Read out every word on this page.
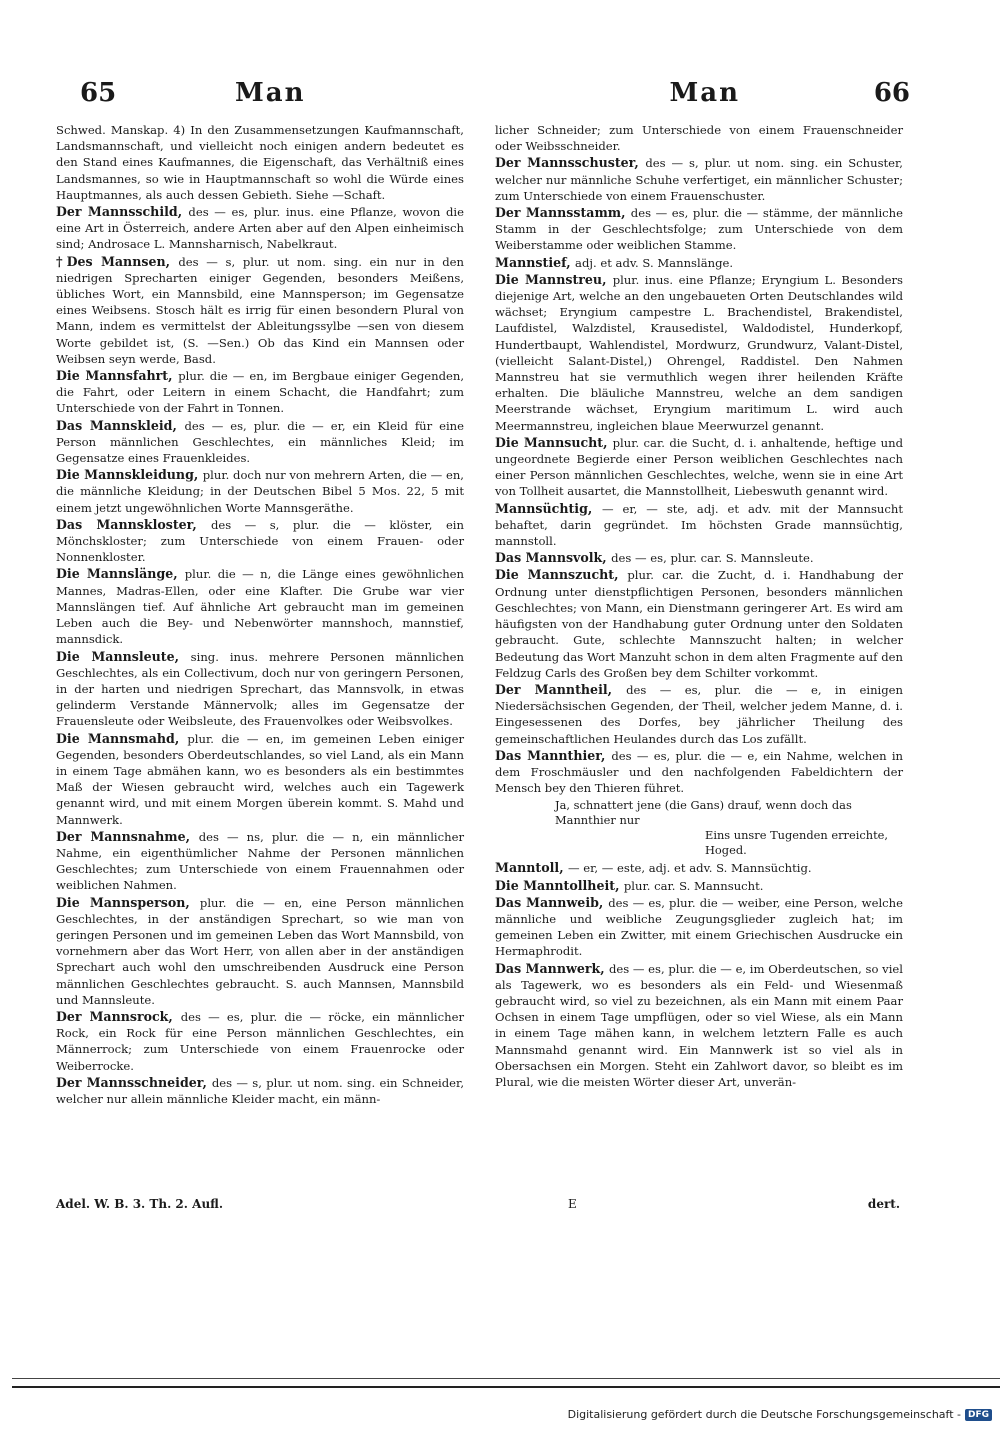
65	Man	Man	66
Schwed. Manskap. 4) In den Zusammensetzungen Kaufmannschaft, Landsmannschaft, und vielleicht noch einigen andern bedeutet es den Stand eines Kaufmannes, die Eigenschaft, das Verhältniß eines Landsmannes, so wie in Hauptmannschaft so wohl die Würde eines Hauptmannes, als auch dessen Gebieth. Siehe —Schaft.
Der Mannsschild, des — es, plur. inus. eine Pflanze, wovon die eine Art in Österreich, andere Arten aber auf den Alpen einheimisch sind; Androsace L. Mannsharnisch, Nabelkraut.
†Des Mannsen, des — s, plur. ut nom. sing. ein nur in den niedrigen Sprecharten einiger Gegenden, besonders Meißens, übliches Wort, ein Mannsbild, eine Mannsperson; im Gegensatze eines Weibsens. Stosch hält es irrig für einen besondern Plural von Mann, indem es vermittelst der Ableitungssylbe —sen von diesem Worte gebildet ist, (S. —Sen.) Ob das Kind ein Mannsen oder Weibsen seyn werde, Basd.
Die Mannsfahrt, plur. die — en, im Bergbaue einiger Gegenden, die Fahrt, oder Leitern in einem Schacht, die Handfahrt; zum Unterschiede von der Fahrt in Tonnen.
Das Mannskleid, des — es, plur. die — er, ein Kleid für eine Person männlichen Geschlechtes, ein männliches Kleid; im Gegensatze eines Frauenkleides.
Die Mannskleidung, plur. doch nur von mehrern Arten, die — en, die männliche Kleidung; in der Deutschen Bibel 5 Mos. 22, 5 mit einem jetzt ungewöhnlichen Worte Mannsgeräthe.
Das Mannskloster, des — s, plur. die — klöster, ein Mönchskloster; zum Unterschiede von einem Frauen- oder Nonnenkloster.
Die Mannslänge, plur. die — n, die Länge eines gewöhnlichen Mannes, Madras-Ellen, oder eine Klafter. Die Grube war vier Mannslängen tief. Auf ähnliche Art gebraucht man im gemeinen Leben auch die Bey- und Nebenwörter mannshoch, mannstief, mannsdick.
Die Mannsleute, sing. inus. mehrere Personen männlichen Geschlechtes, als ein Collectivum, doch nur von geringern Personen, in der harten und niedrigen Sprechart, das Mannsvolk, in etwas gelinderm Verstande Männervolk; alles im Gegensatze der Frauensleute oder Weibsleute, des Frauenvolkes oder Weibsvolkes.
Die Mannsmahd, plur. die — en, im gemeinen Leben einiger Gegenden, besonders Oberdeutschlandes, so viel Land, als ein Mann in einem Tage abmähen kann, wo es besonders als ein bestimmtes Maß der Wiesen gebraucht wird, welches auch ein Tagewerk genannt wird, und mit einem Morgen überein kommt. S. Mahd und Mannwerk.
Der Mannsnahme, des — ns, plur. die — n, ein männlicher Nahme, ein eigenthümlicher Nahme der Personen männlichen Geschlechtes; zum Unterschiede von einem Frauennahmen oder weiblichen Nahmen.
Die Mannsperson, plur. die — en, eine Person männlichen Geschlechtes, in der anständigen Sprechart, so wie man von geringen Personen und im gemeinen Leben das Wort Mannsbild, von vornehmern aber das Wort Herr, von allen aber in der anständigen Sprechart auch wohl den umschreibenden Ausdruck eine Person männlichen Geschlechtes gebraucht. S. auch Mannsen, Mannsbild und Mannsleute.
Der Mannsrock, des — es, plur. die — röcke, ein männlicher Rock, ein Rock für eine Person männlichen Geschlechtes, ein Männerrock; zum Unterschiede von einem Frauenrocke oder Weiberrocke.
Der Mannsschneider, des — s, plur. ut nom. sing. ein Schneider, welcher nur allein männliche Kleider macht, ein männ-
licher Schneider; zum Unterschiede von einem Frauenschneider oder Weibsschneider.
Der Mannsschuster, des — s, plur. ut nom. sing. ein Schuster, welcher nur männliche Schuhe verfertiget, ein männlicher Schuster; zum Unterschiede von einem Frauenschuster.
Der Mannsstamm, des — es, plur. die — stämme, der männliche Stamm in der Geschlechtsfolge; zum Unterschiede von dem Weiberstamme oder weiblichen Stamme.
Mannstief, adj. et adv. S. Mannslänge.
Die Mannstreu, plur. inus. eine Pflanze; Eryngium L. Besonders diejenige Art, welche an den ungebaueten Orten Deutschlandes wild wächset; Eryngium campestre L. Brachendistel, Brakendistel, Laufdistel, Walzdistel, Krausedistel, Waldodistel, Hunderkopf, Hundertbaupt, Wahlendistel, Mordwurz, Grundwurz, Valant-Distel, (vielleicht Salant-Distel,) Ohrengel, Raddistel. Den Nahmen Mannstreu hat sie vermuthlich wegen ihrer heilenden Kräfte erhalten. Die bläuliche Mannstreu, welche an dem sandigen Meerstrande wächset, Eryngium maritimum L. wird auch Meermannstreu, ingleichen blaue Meerwurzel genannt.
Die Mannsucht, plur. car. die Sucht, d. i. anhaltende, heftige und ungeordnete Begierde einer Person weiblichen Geschlechtes nach einer Person männlichen Geschlechtes, welche, wenn sie in eine Art von Tollheit ausartet, die Mannstollheit, Liebeswuth genannt wird.
Mannsüchtig, — er, — ste, adj. et adv. mit der Mannsucht behaftet, darin gegründet. Im höchsten Grade mannsüchtig, mannstoll.
Das Mannsvolk, des — es, plur. car. S. Mannsleute.
Die Mannszucht, plur. car. die Zucht, d. i. Handhabung der Ordnung unter dienstpflichtigen Personen, besonders männlichen Geschlechtes; von Mann, ein Dienstmann geringerer Art. Es wird am häufigsten von der Handhabung guter Ordnung unter den Soldaten gebraucht. Gute, schlechte Mannszucht halten; in welcher Bedeutung das Wort Manzuht schon in dem alten Fragmente auf den Feldzug Carls des Großen bey dem Schilter vorkommt.
Der Manntheil, des — es, plur. die — e, in einigen Niedersächsischen Gegenden, der Theil, welcher jedem Manne, d. i. Eingesessenen des Dorfes, bey jährlicher Theilung des gemeinschaftlichen Heulandes durch das Los zufällt.
Das Mannthier, des — es, plur. die — e, ein Nahme, welchen in dem Froschmäusler und den nachfolgenden Fabeldichtern der Mensch bey den Thieren führet.
Ja, schnattert jene (die Gans) drauf, wenn doch das Mannthier nur
Eins unsre Tugenden erreichte, Hoged.
Manntoll, — er, — este, adj. et adv. S. Mannsüchtig.
Die Manntollheit, plur. car. S. Mannsucht.
Das Mannweib, des — es, plur. die — weiber, eine Person, welche männliche und weibliche Zeugungsglieder zugleich hat; im gemeinen Leben ein Zwitter, mit einem Griechischen Ausdrucke ein Hermaphrodit.
Das Mannwerk, des — es, plur. die — e, im Oberdeutschen, so viel als Tagewerk, wo es besonders als ein Feld- und Wiesenmaß gebraucht wird, so viel zu bezeichnen, als ein Mann mit einem Paar Ochsen in einem Tage umpflügen, oder so viel Wiese, als ein Mann in einem Tage mähen kann, in welchem letztern Falle es auch Mannsmahd genannt wird. Ein Mannwerk ist so viel als in Obersachsen ein Morgen. Steht ein Zahlwort davor, so bleibt es im Plural, wie die meisten Wörter dieser Art, unverän-
Adel. W. B. 3. Th. 2. Aufl.	E	dert.
Digitalisierung gefördert durch die Deutsche Forschungsgemeinschaft - DFG
